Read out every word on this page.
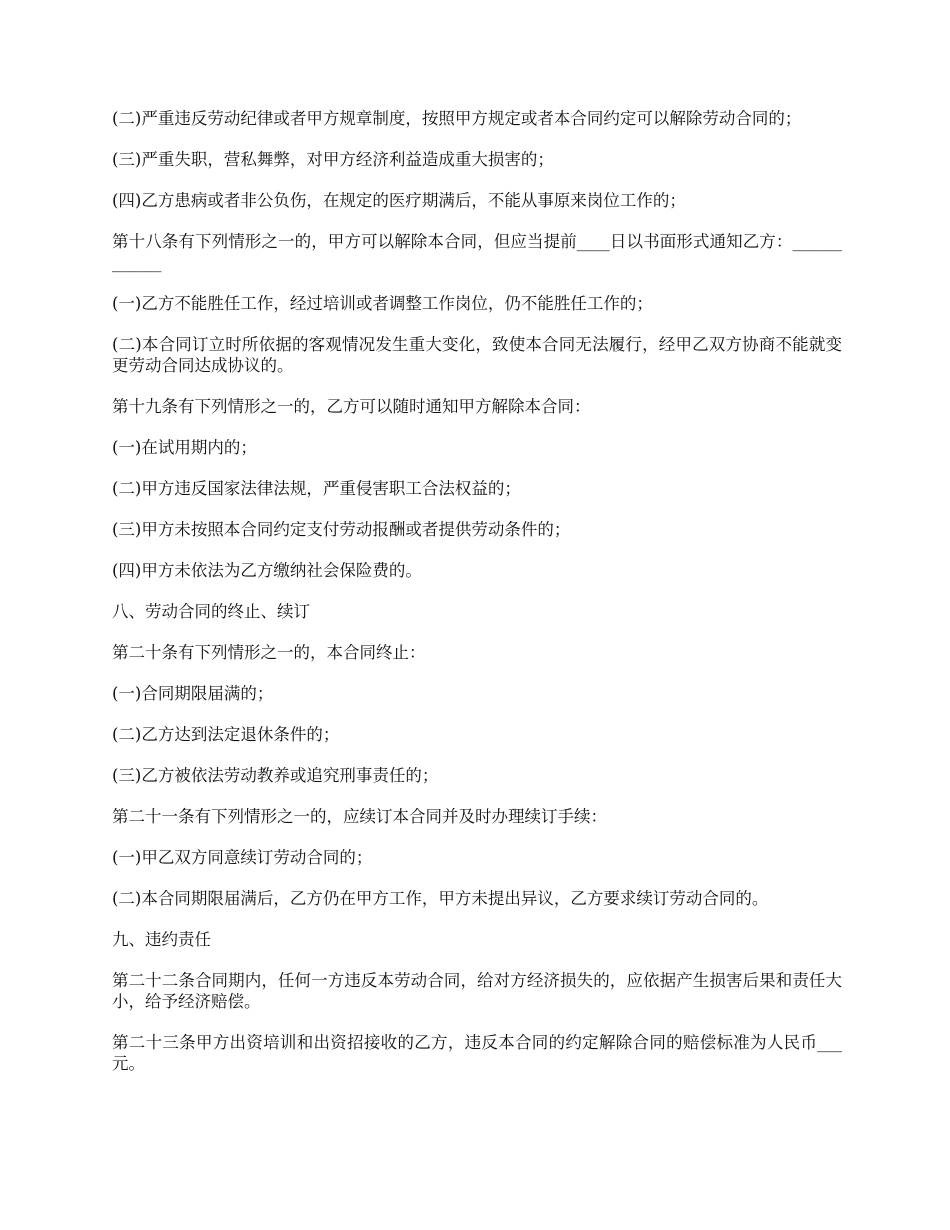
(二)严重违反劳动纪律或者甲方规章制度，按照甲方规定或者本合同约定可以解除劳动合同的；

(三)严重失职，营私舞弊，对甲方经济利益造成重大损害的；

(四)乙方患病或者非公负伤，在规定的医疗期满后，不能从事原来岗位工作的；

第十八条有下列情形之一的，甲方可以解除本合同，但应当提前____日以书面形式通知乙方：____________

(一)乙方不能胜任工作，经过培训或者调整工作岗位，仍不能胜任工作的；

(二)本合同订立时所依据的客观情况发生重大变化，致使本合同无法履行，经甲乙双方协商不能就变更劳动合同达成协议的。

第十九条有下列情形之一的，乙方可以随时通知甲方解除本合同：

(一)在试用期内的；

(二)甲方违反国家法律法规，严重侵害职工合法权益的；

(三)甲方未按照本合同约定支付劳动报酬或者提供劳动条件的；

(四)甲方未依法为乙方缴纳社会保险费的。

八、劳动合同的终止、续订

第二十条有下列情形之一的，本合同终止：

(一)合同期限届满的；

(二)乙方达到法定退休条件的；

(三)乙方被依法劳动教养或追究刑事责任的；

第二十一条有下列情形之一的，应续订本合同并及时办理续订手续：

(一)甲乙双方同意续订劳动合同的；

(二)本合同期限届满后，乙方仍在甲方工作，甲方未提出异议，乙方要求续订劳动合同的。

九、违约责任

第二十二条合同期内，任何一方违反本劳动合同，给对方经济损失的，应依据产生损害后果和责任大小，给予经济赔偿。

第二十三条甲方出资培训和出资招接收的乙方，违反本合同的约定解除合同的赔偿标准为人民币___元。
